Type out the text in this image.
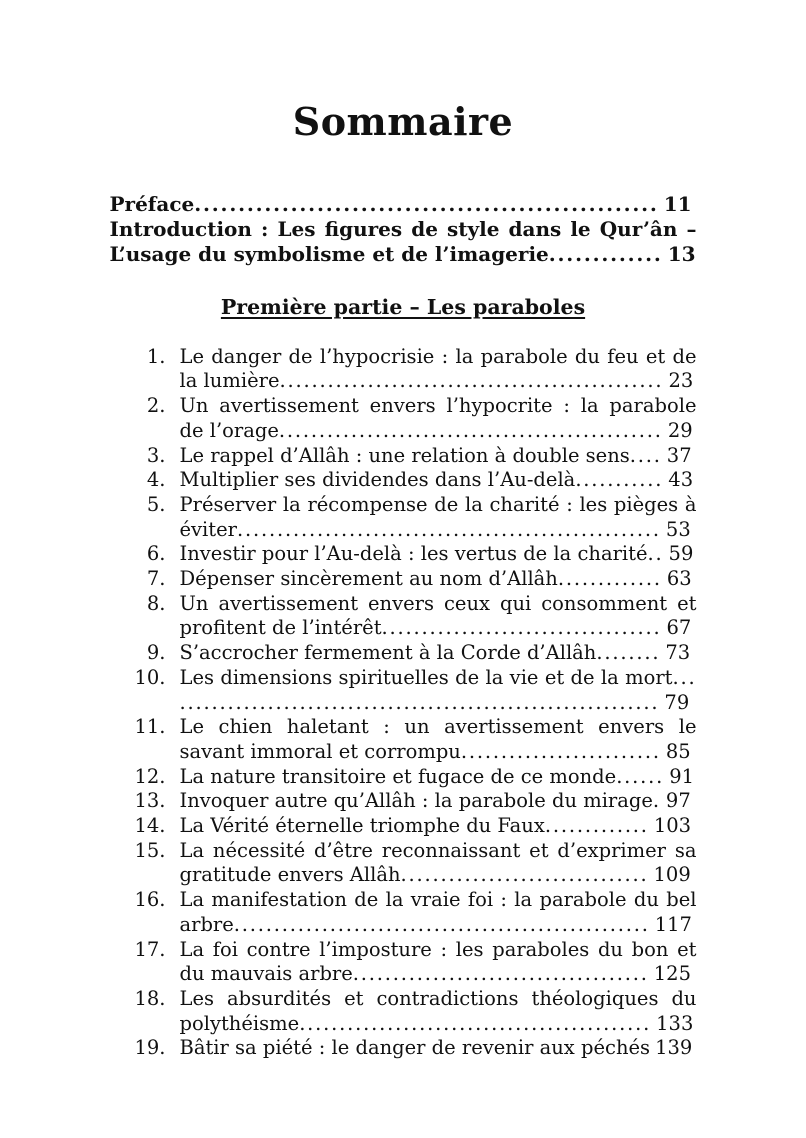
Sommaire
Préface.​.​.​.​.​.​.​.​.​.​.​.​.​.​.​.​.​.​.​.​.​.​.​.​.​.​.​.​.​.​.​.​.​.​.​.​.​.​.​.​.​.​.​.​.​.​.​.​.​.​.​.​.​ 11
Introduction : Les figures de style dans le Qur’ân – L’usage du symbolisme et de l’imagerie.​.​.​.​.​.​.​.​.​.​.​.​.​ 13
Première partie – Les paraboles
1. Le danger de l’hypocrisie : la parabole du feu et de la lumière.​.​.​.​.​.​.​.​.​.​.​.​.​.​.​.​.​.​.​.​.​.​.​.​.​.​.​.​.​.​.​.​.​.​.​.​.​.​.​.​.​.​.​.​.​.​.​.​ 23
2. Un avertissement envers l’hypocrite : la parabole de l’orage.​.​.​.​.​.​.​.​.​.​.​.​.​.​.​.​.​.​.​.​.​.​.​.​.​.​.​.​.​.​.​.​.​.​.​.​.​.​.​.​.​.​.​.​.​.​.​.​ 29
3. Le rappel d’Allâh : une relation à double sens.​.​.​.​ 37
4. Multiplier ses dividendes dans l’Au-delà.​.​.​.​.​.​.​.​.​.​.​ 43
5. Préserver la récompense de la charité : les pièges à éviter.​.​.​.​.​.​.​.​.​.​.​.​.​.​.​.​.​.​.​.​.​.​.​.​.​.​.​.​.​.​.​.​.​.​.​.​.​.​.​.​.​.​.​.​.​.​.​.​.​.​.​.​.​ 53
6. Investir pour l’Au-delà : les vertus de la charité.​.​ 59
7. Dépenser sincèrement au nom d’Allâh.​.​.​.​.​.​.​.​.​.​.​.​.​ 63
8. Un avertissement envers ceux qui consomment et profitent de l’intérêt.​.​.​.​.​.​.​.​.​.​.​.​.​.​.​.​.​.​.​.​.​.​.​.​.​.​.​.​.​.​.​.​.​.​.​ 67
9. S’accrocher fermement à la Corde d’Allâh.​.​.​.​.​.​.​.​ 73
10. Les dimensions spirituelles de la vie et de la mort.​.​.​.​.​.​.​.​.​.​.​.​.​.​.​.​.​.​.​.​.​.​.​.​.​.​.​.​.​.​.​.​.​.​.​.​.​.​.​.​.​.​.​.​.​.​.​.​.​.​.​.​.​.​.​.​.​.​.​.​.​.​.​ 79
11. Le chien haletant : un avertissement envers le savant immoral et corrompu.​.​.​.​.​.​.​.​.​.​.​.​.​.​.​.​.​.​.​.​.​.​.​.​.​ 85
12. La nature transitoire et fugace de ce monde.​.​.​.​.​.​ 91
13. Invoquer autre qu’Allâh : la parabole du mirage.​ 97
14. La Vérité éternelle triomphe du Faux.​.​.​.​.​.​.​.​.​.​.​.​.​ 103
15. La nécessité d’être reconnaissant et d’exprimer sa gratitude envers Allâh.​.​.​.​.​.​.​.​.​.​.​.​.​.​.​.​.​.​.​.​.​.​.​.​.​.​.​.​.​.​.​ 109
16. La manifestation de la vraie foi : la parabole du bel arbre.​.​.​.​.​.​.​.​.​.​.​.​.​.​.​.​.​.​.​.​.​.​.​.​.​.​.​.​.​.​.​.​.​.​.​.​.​.​.​.​.​.​.​.​.​.​.​.​.​.​.​.​ 117
17. La foi contre l’imposture : les paraboles du bon et du mauvais arbre.​.​.​.​.​.​.​.​.​.​.​.​.​.​.​.​.​.​.​.​.​.​.​.​.​.​.​.​.​.​.​.​.​.​.​.​.​ 125
18. Les absurdités et contradictions théologiques du polythéisme.​.​.​.​.​.​.​.​.​.​.​.​.​.​.​.​.​.​.​.​.​.​.​.​.​.​.​.​.​.​.​.​.​.​.​.​.​.​.​.​.​.​.​.​ 133
19. Bâtir sa piété : le danger de revenir aux péchés 139
